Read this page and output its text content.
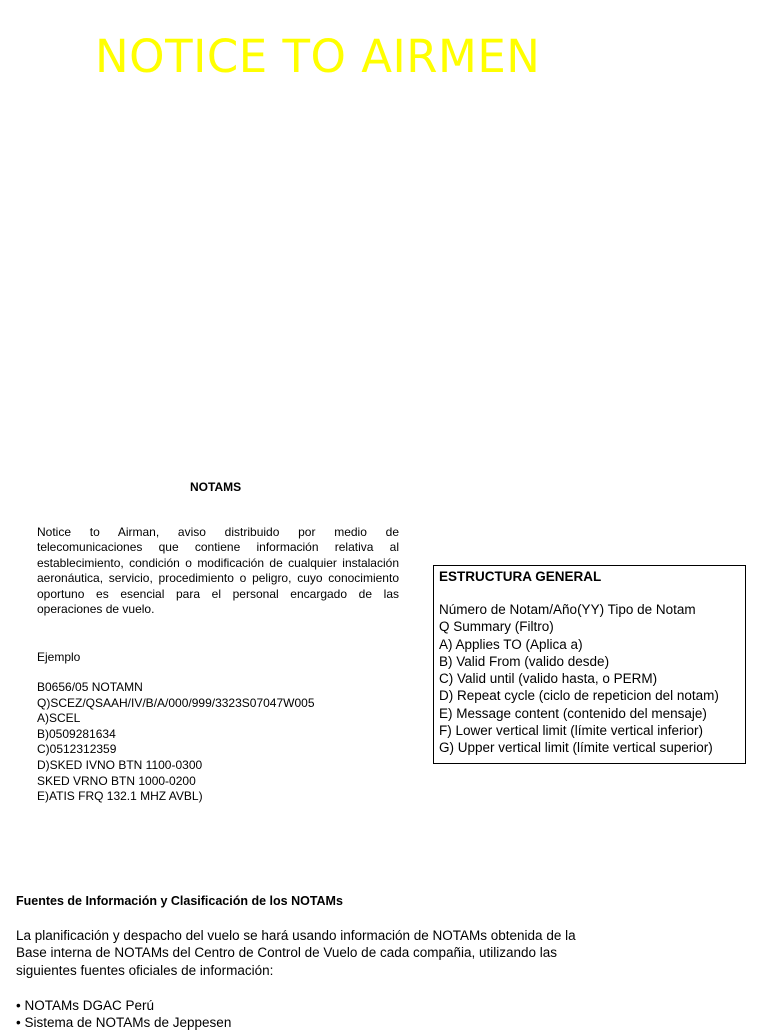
NOTICE TO AIRMEN
NOTAMS
Notice to Airman, aviso distribuido por medio de telecomunicaciones que contiene información relativa al establecimiento, condición o modificación de cualquier instalación aeronáutica, servicio, procedimiento o peligro, cuyo conocimiento oportuno es esencial para el personal encargado de las operaciones de vuelo.
Ejemplo
B0656/05 NOTAMN
Q)SCEZ/QSAAH/IV/B/A/000/999/3323S07047W005
A)SCEL
B)0509281634
C)0512312359
D)SKED IVNO BTN 1100-0300
SKED VRNO BTN 1000-0200
E)ATIS FRQ 132.1 MHZ AVBL)
ESTRUCTURA GENERAL
Número de Notam/Año(YY) Tipo de Notam
Q Summary (Filtro)
A) Applies TO (Aplica a)
B) Valid From (valido desde)
C) Valid until (valido hasta, o PERM)
D) Repeat cycle (ciclo de repeticion del notam)
E) Message content (contenido del mensaje)
F) Lower vertical limit (límite vertical inferior)
G) Upper vertical limit (límite vertical superior)
Fuentes de Información y Clasificación de los NOTAMs
La planificación y despacho del vuelo se hará usando información de NOTAMs obtenida de la Base interna de NOTAMs del Centro de Control de Vuelo de cada compañia, utilizando las siguientes fuentes oficiales de información:
• NOTAMs DGAC Perú
• Sistema de NOTAMs de Jeppesen
